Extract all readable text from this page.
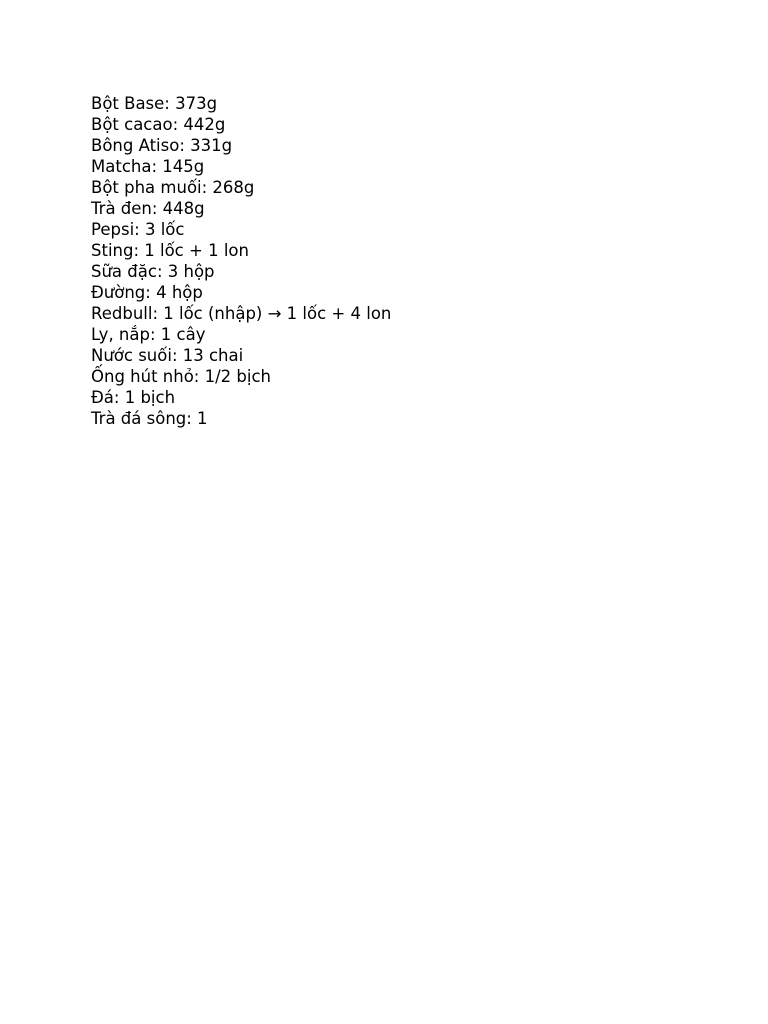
Bột Base: 373g
Bột cacao: 442g
Bông Atiso: 331g
Matcha: 145g
Bột pha muối: 268g
Trà đen: 448g
Pepsi: 3 lốc
Sting: 1 lốc + 1 lon
Sữa đặc: 3 hộp
Đường: 4 hộp
Redbull: 1 lốc (nhập) → 1 lốc + 4 lon
Ly, nắp: 1 cây
Nước suối: 13 chai
Ống hút nhỏ: 1/2 bịch
Đá: 1 bịch
Trà đá sông: 1
